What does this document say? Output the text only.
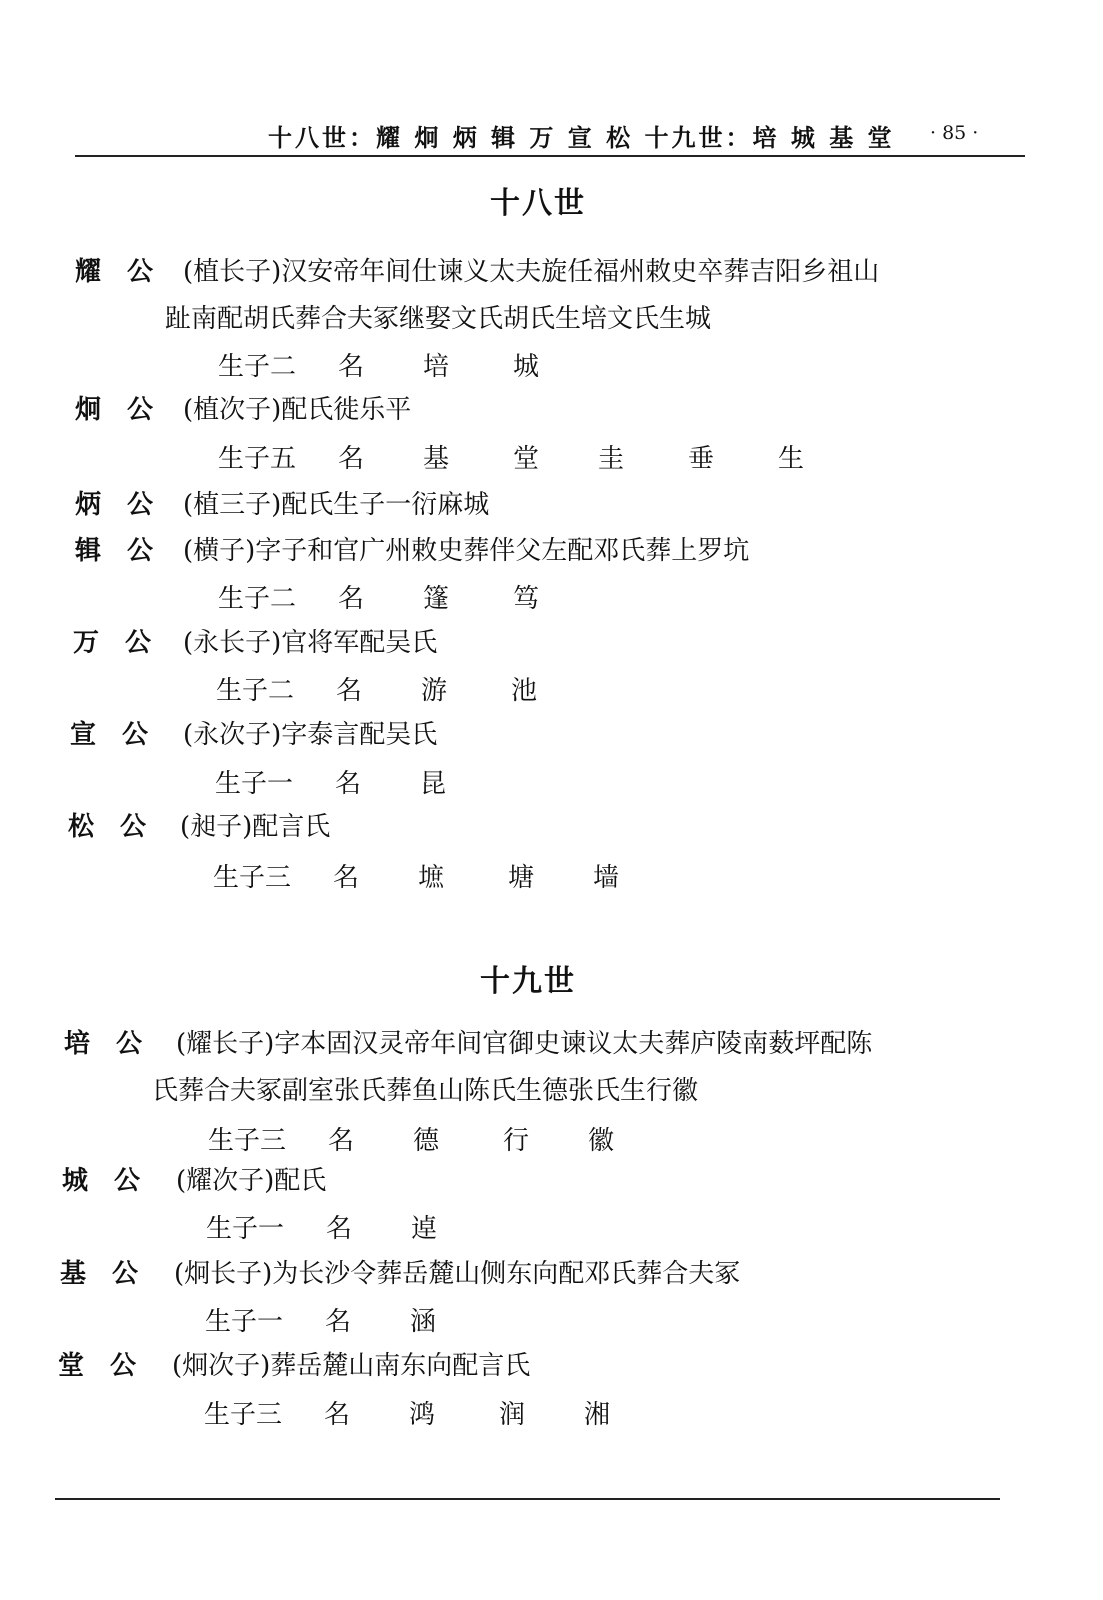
十八世：耀 炯 炳 辑 万 宣 松 十九世：培 城 基 堂 · 85 ·
十八世
耀 公 (植长子)汉安帝年间仕谏义太夫旋任福州敕史卒葬吉阳乡祖山
趾南配胡氏葬合夫冢继娶文氏胡氏生培文氏生城
生子二 名 培 城
炯 公 (植次子)配氏徙乐平
生子五 名 基 堂 圭 垂 生
炳 公 (植三子)配氏生子一衍麻城
辑 公 (横子)字子和官广州敕史葬伴父左配邓氏葬上罗坑
生子二 名 篷 笃
万 公 (永长子)官将军配吴氏
生子二 名 游 池
宣 公 (永次子)字泰言配吴氏
生子一 名 昆
松 公 (昶子)配言氏
生子三 名 墌 塘 墙
十九世
培 公 (耀长子)字本固汉灵帝年间官御史谏议太夫葬庐陵南薮坪配陈
氏葬合夫冢副室张氏葬鱼山陈氏生德张氏生行徽
生子三 名 德 行 徽
城 公 (耀次子)配氏
生子一 名 逴
基 公 (炯长子)为长沙令葬岳麓山侧东向配邓氏葬合夫冢
生子一 名 涵
堂 公 (炯次子)葬岳麓山南东向配言氏
生子三 名 鸿 润 湘
